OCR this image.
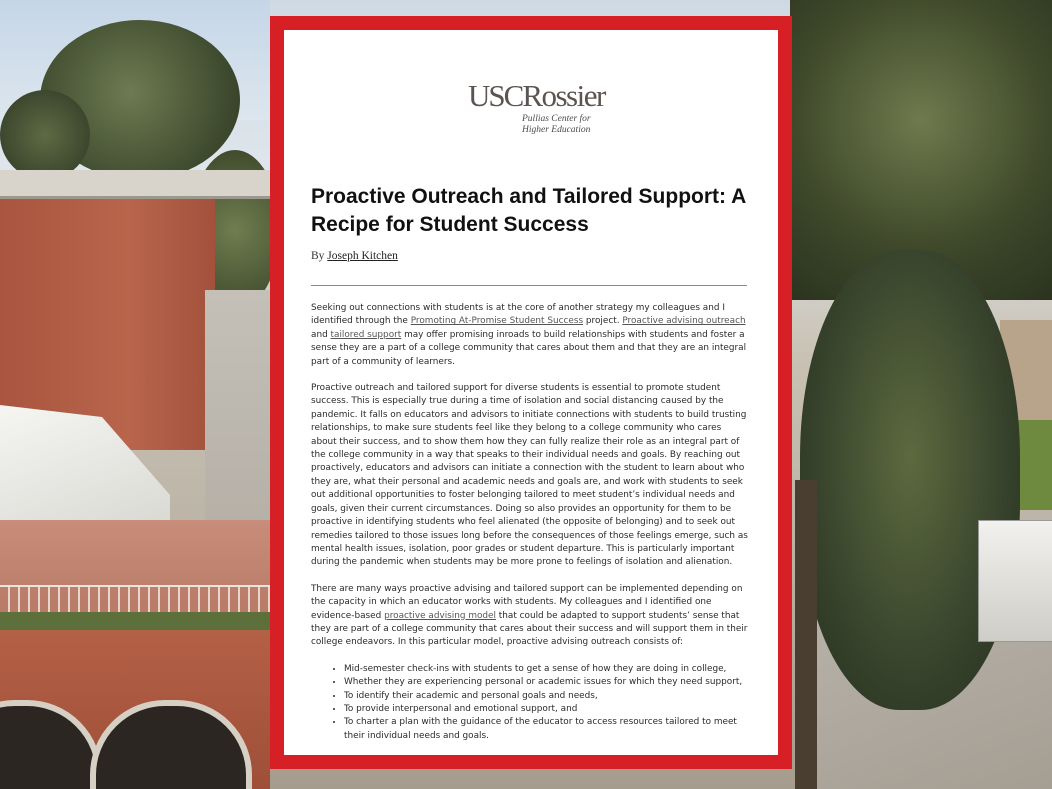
USCRossier
Pullias Center for
Higher Education
Proactive Outreach and Tailored Support: A Recipe for Student Success
By Joseph Kitchen

Seeking out connections with students is at the core of another strategy my colleagues and I identified through the Promoting At-Promise Student Success project. Proactive advising outreach and tailored support may offer promising inroads to build relationships with students and foster a sense they are a part of a college community that cares about them and that they are an integral part of a community of learners.

Proactive outreach and tailored support for diverse students is essential to promote student success. This is especially true during a time of isolation and social distancing caused by the pandemic. It falls on educators and advisors to initiate connections with students to build trusting relationships, to make sure students feel like they belong to a college community who cares about their success, and to show them how they can fully realize their role as an integral part of the college community in a way that speaks to their individual needs and goals. By reaching out proactively, educators and advisors can initiate a connection with the student to learn about who they are, what their personal and academic needs and goals are, and work with students to seek out additional opportunities to foster belonging tailored to meet student’s individual needs and goals, given their current circumstances. Doing so also provides an opportunity for them to be proactive in identifying students who feel alienated (the opposite of belonging) and to seek out remedies tailored to those issues long before the consequences of those feelings emerge, such as mental health issues, isolation, poor grades or student departure. This is particularly important during the pandemic when students may be more prone to feelings of isolation and alienation.

There are many ways proactive advising and tailored support can be implemented depending on the capacity in which an educator works with students. My colleagues and I identified one evidence-based proactive advising model that could be adapted to support students’ sense that they are part of a college community that cares about their success and will support them in their college endeavors. In this particular model, proactive advising outreach consists of:

• Mid-semester check-ins with students to get a sense of how they are doing in college,
• Whether they are experiencing personal or academic issues for which they need support,
• To identify their academic and personal goals and needs,
• To provide interpersonal and emotional support, and
• To charter a plan with the guidance of the educator to access resources tailored to meet their individual needs and goals.
